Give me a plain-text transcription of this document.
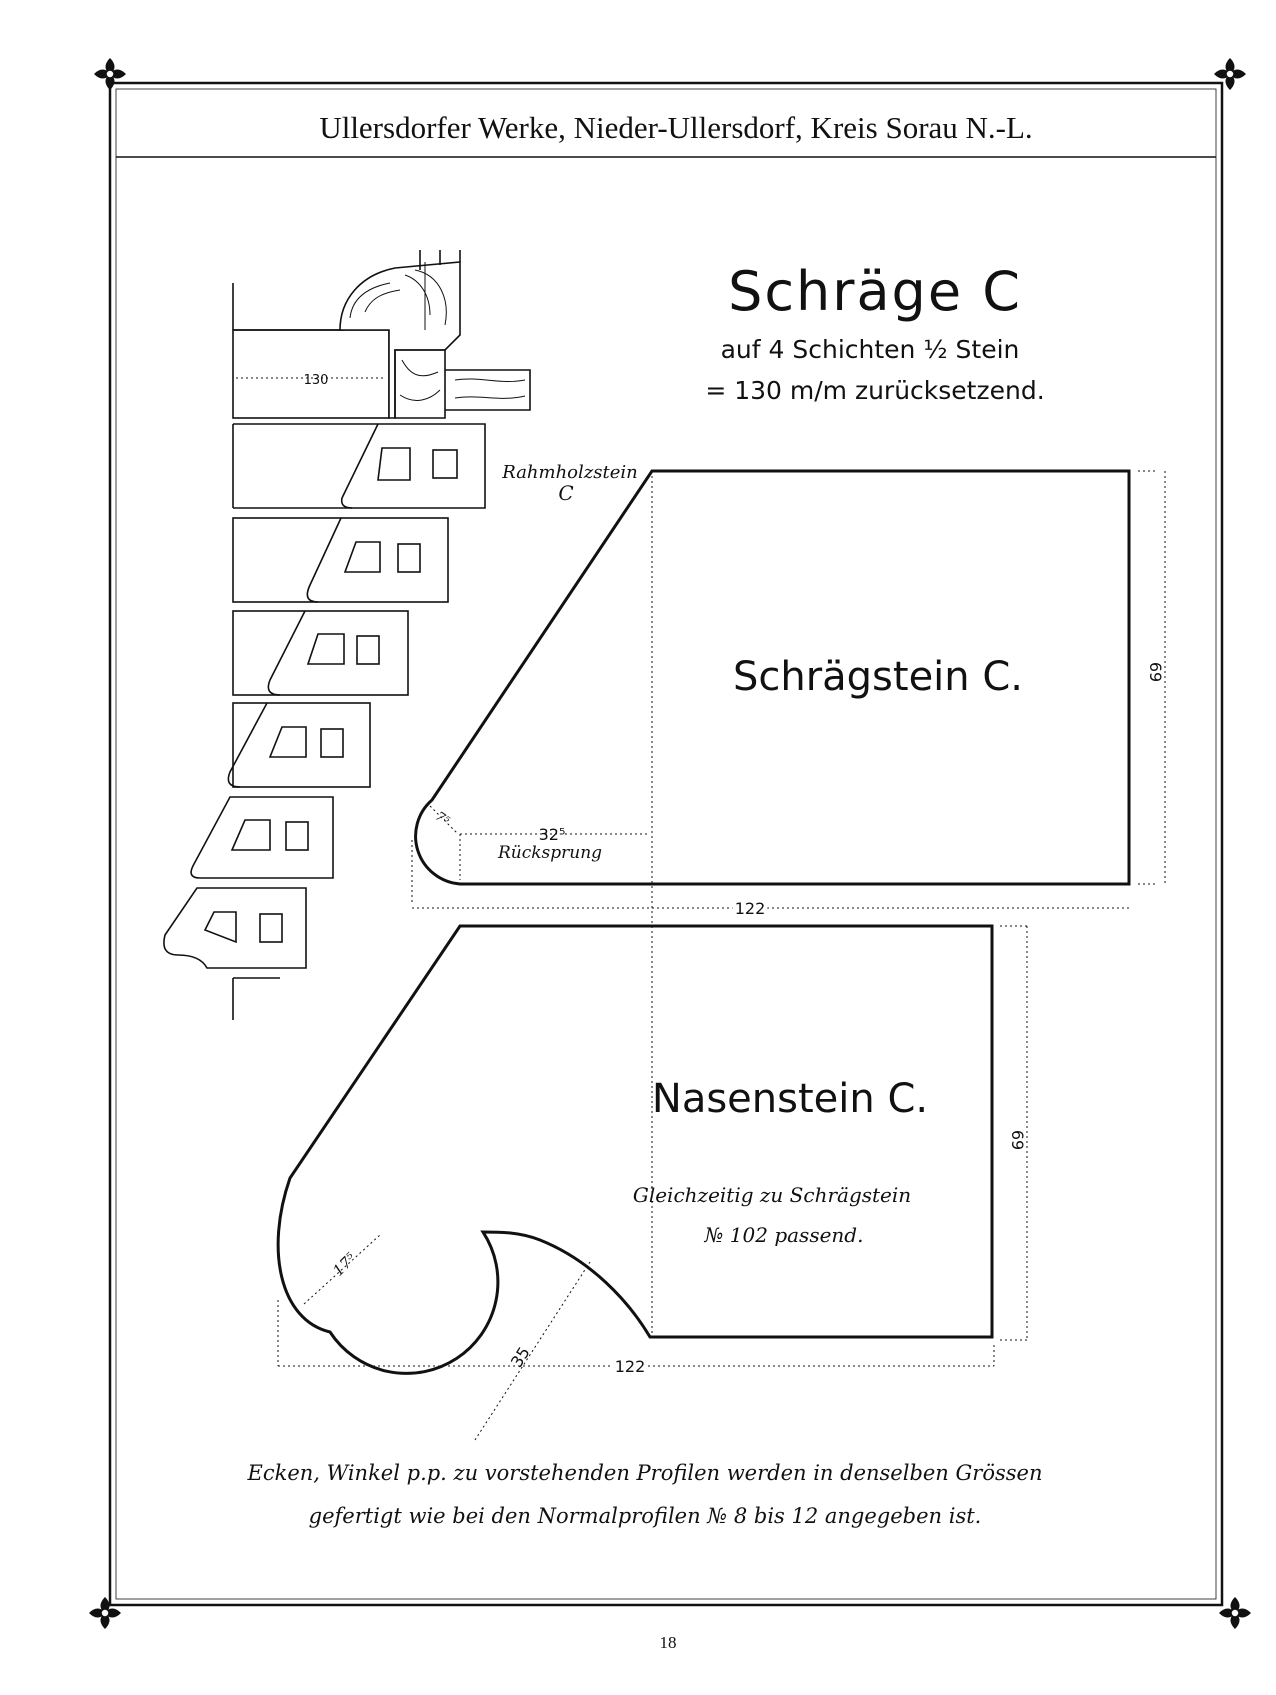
Ullersdorfer Werke, Nieder-Ullersdorf, Kreis Sorau N.-L.
Schräge C
auf 4 Schichten ½ Stein
= 130 m/m zurücksetzend.
130
Rahmholzstein
C
Schrägstein C.	69
122
7⁵
32⁵
Rücksprung
Nasenstein C.
Gleichzeitig zu Schrägstein
№ 102 passend.
69
122
17⁵
35
Ecken, Winkel p.p. zu vorstehenden Profilen werden in denselben Grössen
gefertigt wie bei den Normalprofilen № 8 bis 12 angegeben ist.
18
